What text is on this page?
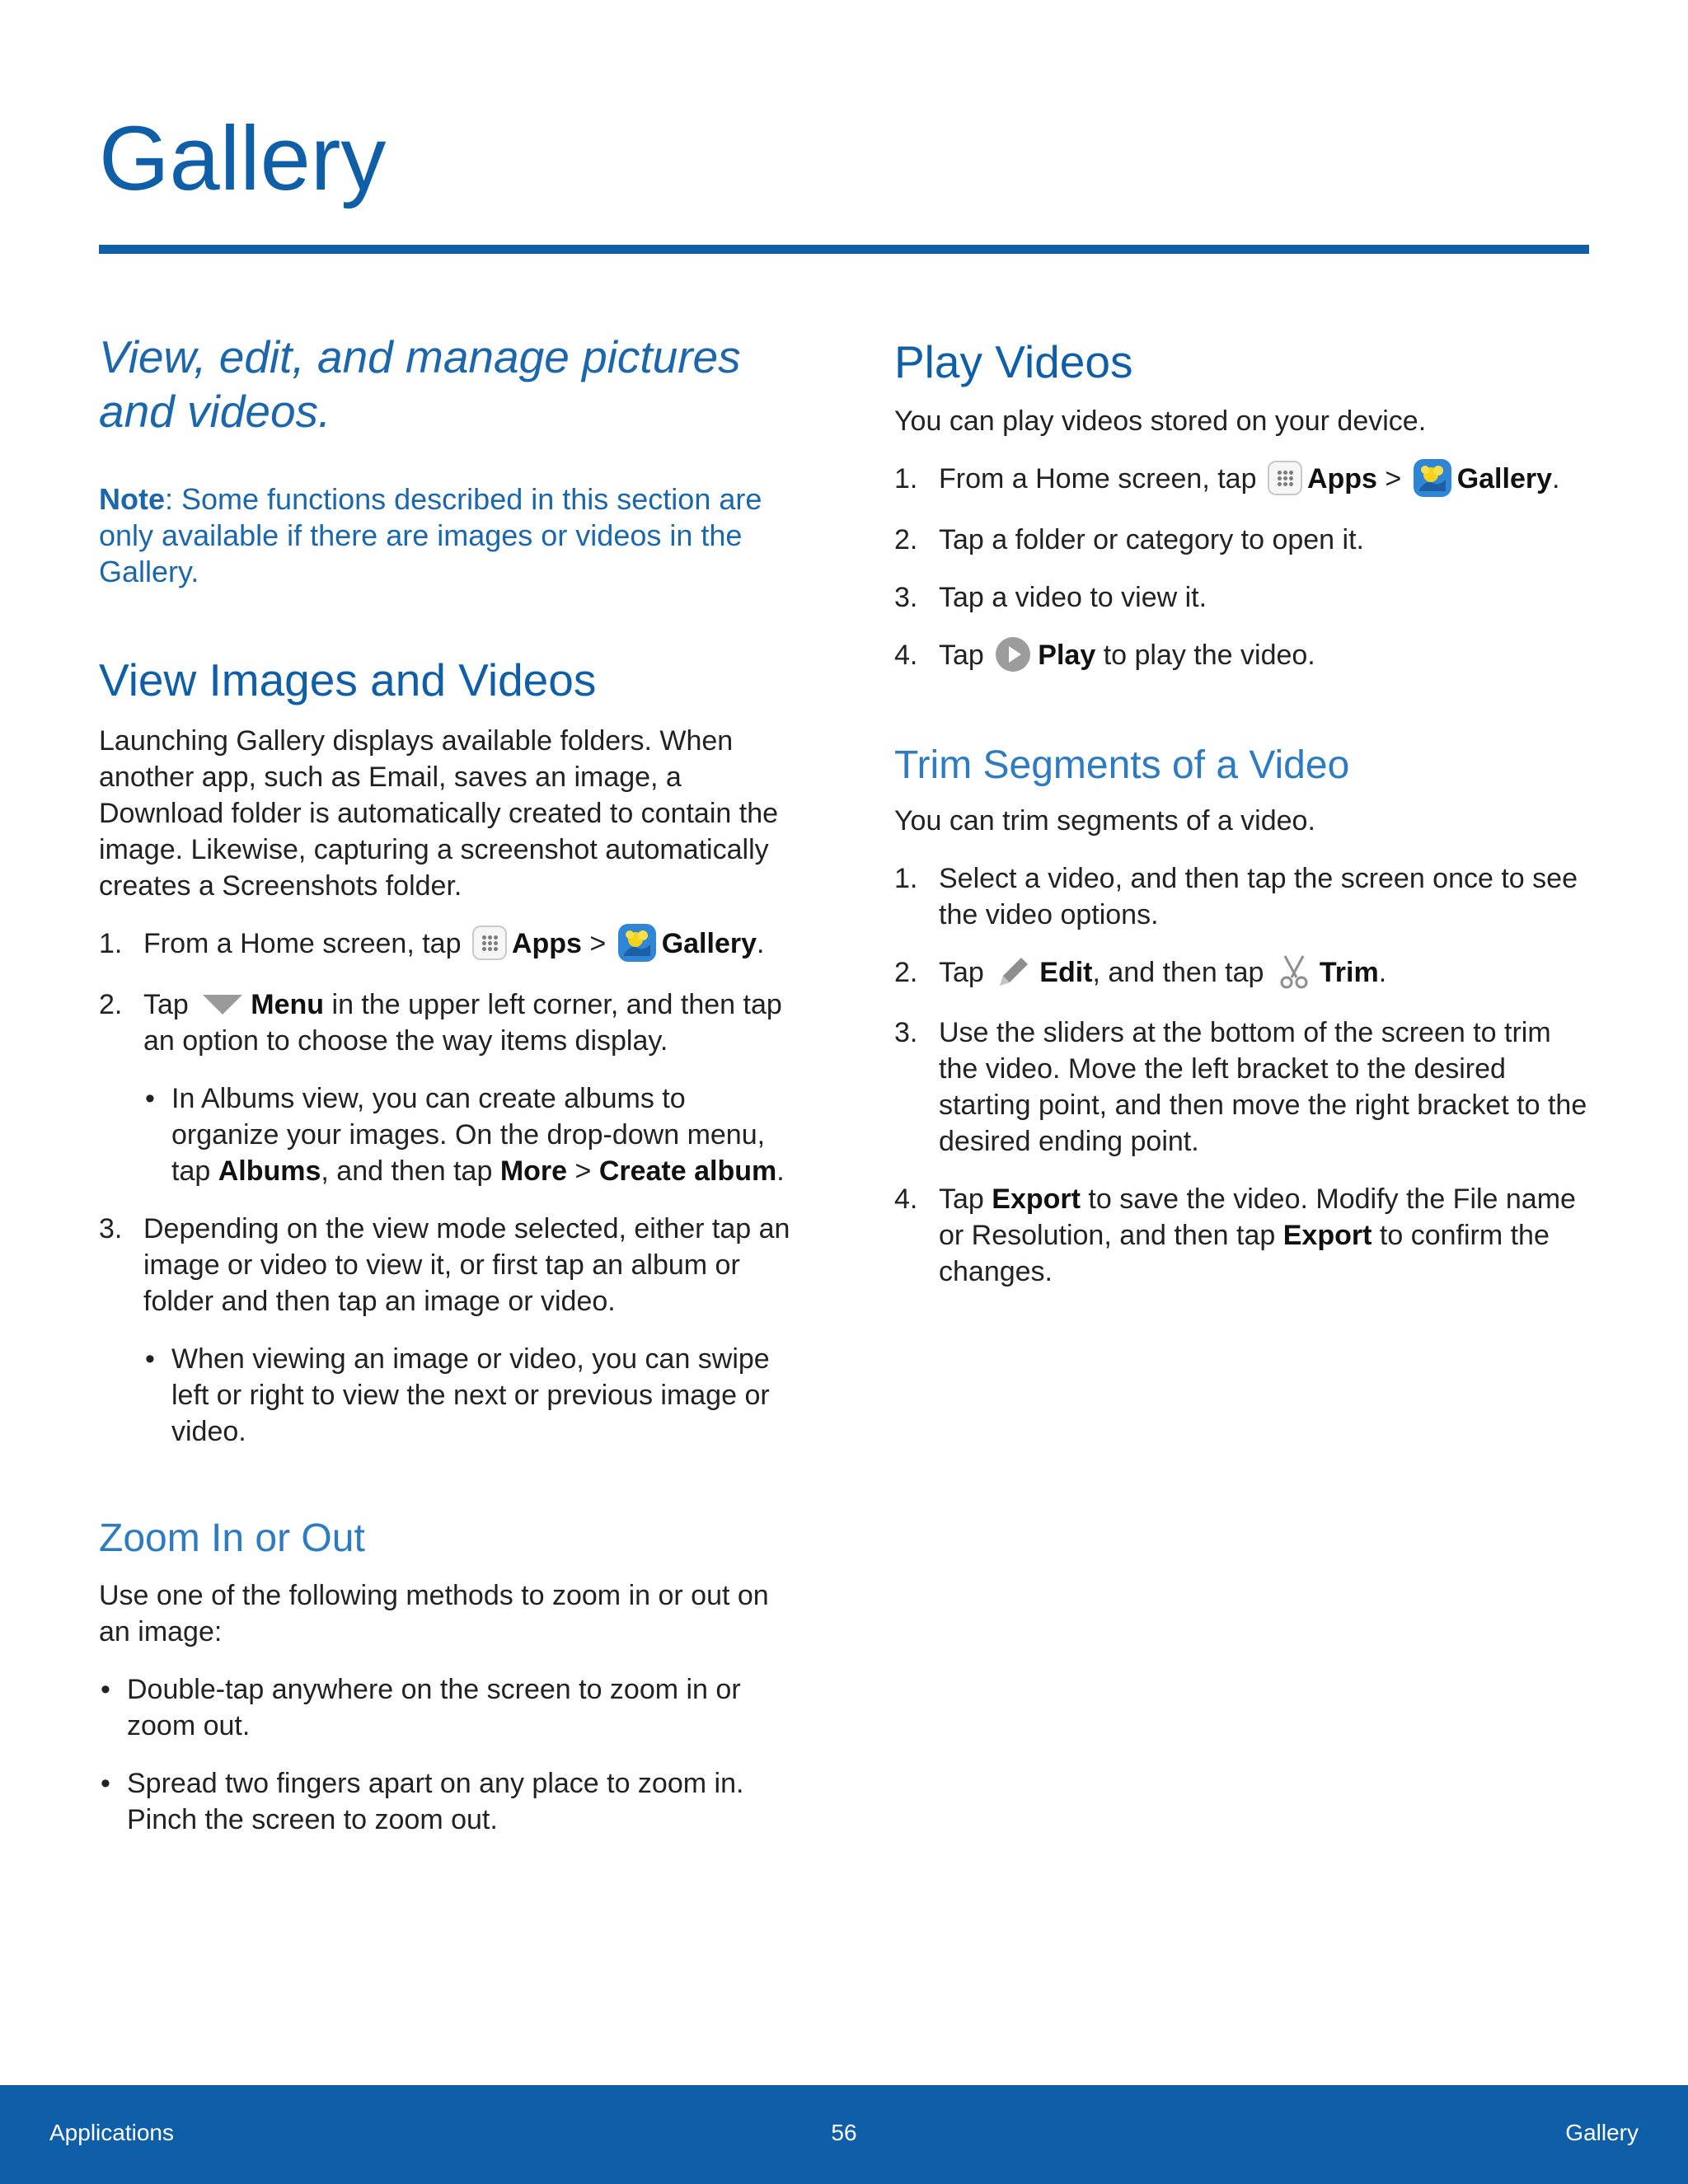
Gallery

View, edit, and manage pictures and videos.

Note: Some functions described in this section are only available if there are images or videos in the Gallery.

View Images and Videos

Launching Gallery displays available folders. When another app, such as Email, saves an image, a Download folder is automatically created to contain the image. Likewise, capturing a screenshot automatically creates a Screenshots folder.

1. From a Home screen, tap Apps > Gallery.
2. Tap Menu in the upper left corner, and then tap an option to choose the way items display.
• In Albums view, you can create albums to organize your images. On the drop-down menu, tap Albums, and then tap More > Create album.
3. Depending on the view mode selected, either tap an image or video to view it, or first tap an album or folder and then tap an image or video.
• When viewing an image or video, you can swipe left or right to view the next or previous image or video.
Zoom In or Out

Use one of the following methods to zoom in or out on an image:

• Double-tap anywhere on the screen to zoom in or zoom out.
• Spread two fingers apart on any place to zoom in. Pinch the screen to zoom out.
Play Videos

You can play videos stored on your device.

1. From a Home screen, tap Apps > Gallery.
2. Tap a folder or category to open it.
3. Tap a video to view it.
4. Tap Play to play the video.
Trim Segments of a Video

You can trim segments of a video.

1. Select a video, and then tap the screen once to see the video options.
2. Tap Edit, and then tap Trim.
3. Use the sliders at the bottom of the screen to trim the video. Move the left bracket to the desired starting point, and then move the right bracket to the desired ending point.
4. Tap Export to save the video. Modify the File name or Resolution, and then tap Export to confirm the changes.
Applications	56	Gallery
